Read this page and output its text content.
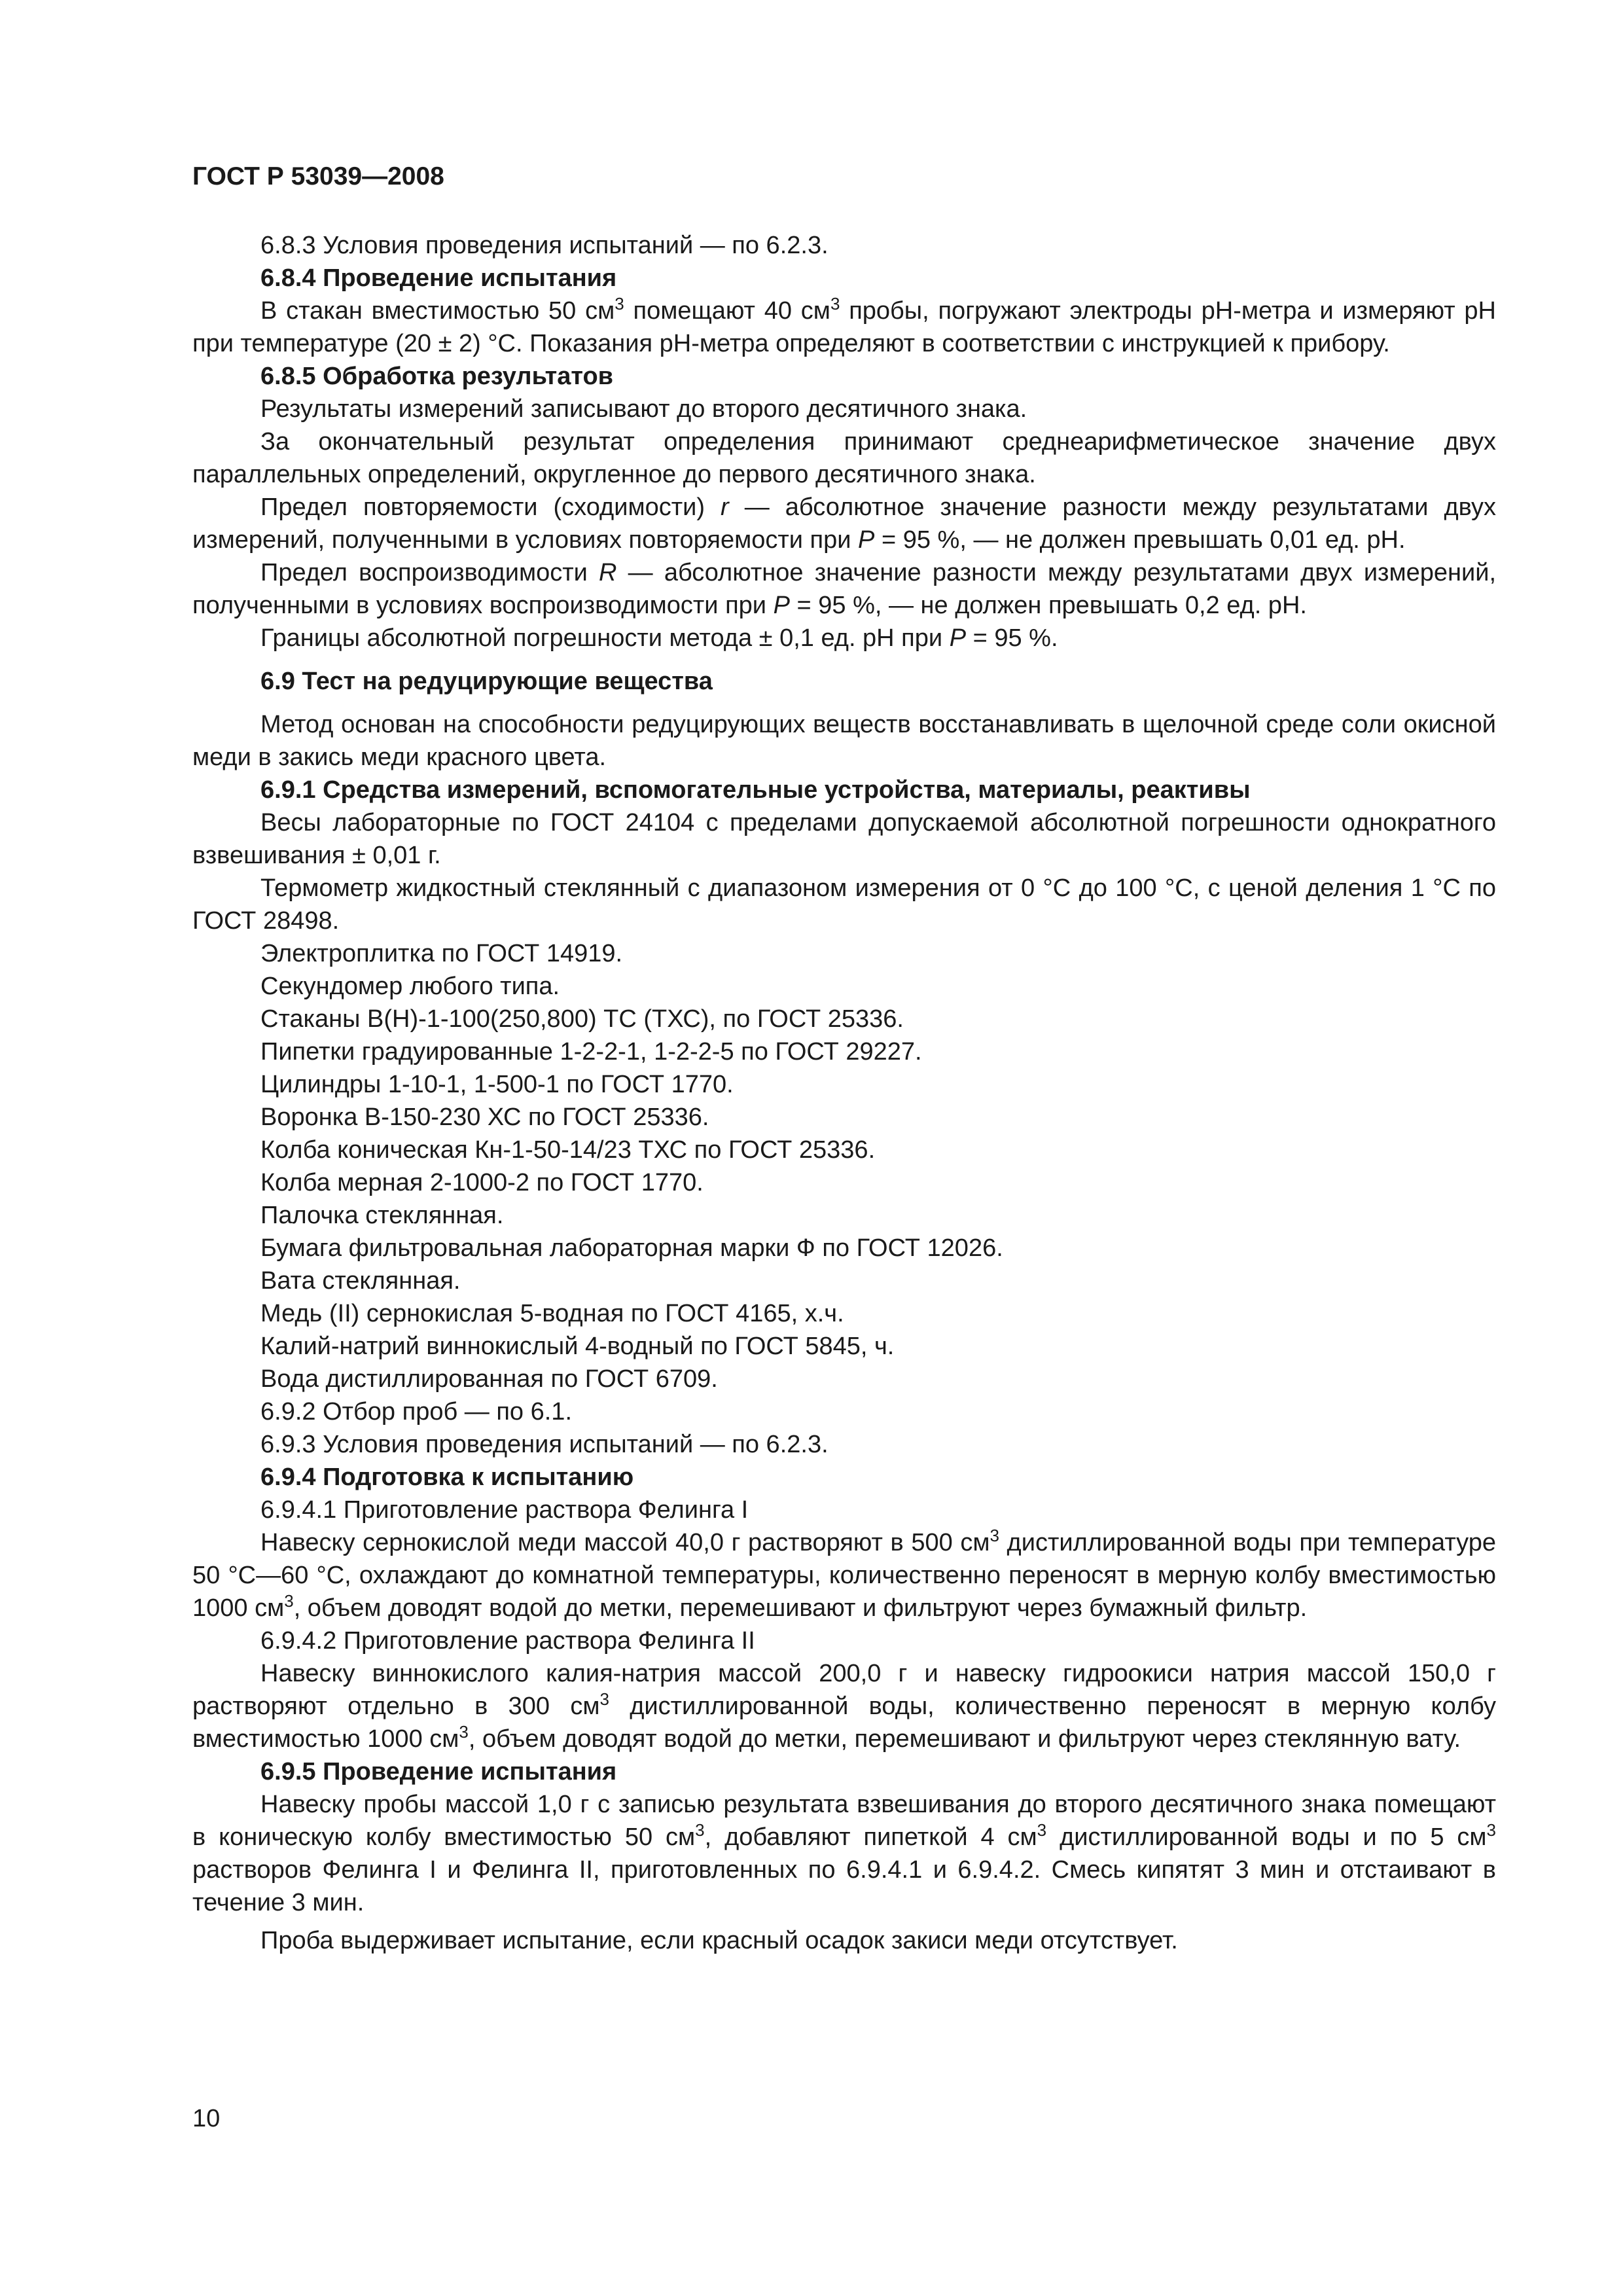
ГОСТ Р 53039—2008

6.8.3 Условия проведения испытаний — по 6.2.3.

6.8.4 Проведение испытания

В стакан вместимостью 50 $см^3$ помещают 40 $см^3$ пробы, погружают электроды рН-метра и измеряют рН при температуре (20 ± 2) °С. Показания рН-метра определяют в соответствии с инструкцией к прибору.

6.8.5 Обработка результатов

Результаты измерений записывают до второго десятичного знака.

За окончательный результат определения принимают среднеарифметическое значение двух параллельных определений, округленное до первого десятичного знака.

Предел повторяемости (сходимости) r — абсолютное значение разности между результатами двух измерений, полученными в условиях повторяемости при Р = 95 %, — не должен превышать 0,01 ед. рН.

Предел воспроизводимости R — абсолютное значение разности между результатами двух измерений, полученными в условиях воспроизводимости при Р = 95 %, — не должен превышать 0,2 ед. рН.

Границы абсолютной погрешности метода ± 0,1 ед. рН при Р = 95 %.

6.9 Тест на редуцирующие вещества

Метод основан на способности редуцирующих веществ восстанавливать в щелочной среде соли окисной меди в закись меди красного цвета.

6.9.1 Средства измерений, вспомогательные устройства, материалы, реактивы

Весы лабораторные по ГОСТ 24104 с пределами допускаемой абсолютной погрешности однократного взвешивания ± 0,01 г.

Термометр жидкостный стеклянный с диапазоном измерения от 0 °С до 100 °С, с ценой деления 1 °С по ГОСТ 28498.

Электроплитка по ГОСТ 14919.

Секундомер любого типа.

Стаканы В(Н)-1-100(250,800) ТС (ТХС), по ГОСТ 25336.

Пипетки градуированные 1-2-2-1, 1-2-2-5 по ГОСТ 29227.

Цилиндры 1-10-1, 1-500-1 по ГОСТ 1770.

Воронка В-150-230 ХС по ГОСТ 25336.

Колба коническая Кн-1-50-14/23 ТХС по ГОСТ 25336.

Колба мерная 2-1000-2 по ГОСТ 1770.

Палочка стеклянная.

Бумага фильтровальная лабораторная марки Ф по ГОСТ 12026.

Вата стеклянная.

Медь (II) сернокислая 5-водная по ГОСТ 4165, х.ч.

Калий-натрий виннокислый 4-водный по ГОСТ 5845, ч.

Вода дистиллированная по ГОСТ 6709.

6.9.2 Отбор проб — по 6.1.

6.9.3 Условия проведения испытаний — по 6.2.3.

6.9.4 Подготовка к испытанию

6.9.4.1 Приготовление раствора Фелинга I

Навеску сернокислой меди массой 40,0 г растворяют в 500 $см^3$ дистиллированной воды при температуре 50 °С—60 °С, охлаждают до комнатной температуры, количественно переносят в мерную колбу вместимостью 1000 $см^3$, объем доводят водой до метки, перемешивают и фильтруют через бумажный фильтр.

6.9.4.2 Приготовление раствора Фелинга II

Навеску виннокислого калия-натрия массой 200,0 г и навеску гидроокиси натрия массой 150,0 г растворяют отдельно в 300 $см^3$ дистиллированной воды, количественно переносят в мерную колбу вместимостью 1000 $см^3$, объем доводят водой до метки, перемешивают и фильтруют через стеклянную вату.

6.9.5 Проведение испытания

Навеску пробы массой 1,0 г с записью результата взвешивания до второго десятичного знака помещают в коническую колбу вместимостью 50 $см^3$, добавляют пипеткой 4 $см^3$ дистиллированной воды и по 5 $см^3$ растворов Фелинга I и Фелинга II, приготовленных по 6.9.4.1 и 6.9.4.2. Смесь кипятят 3 мин и отстаивают в течение 3 мин.

Проба выдерживает испытание, если красный осадок закиси меди отсутствует.

10
